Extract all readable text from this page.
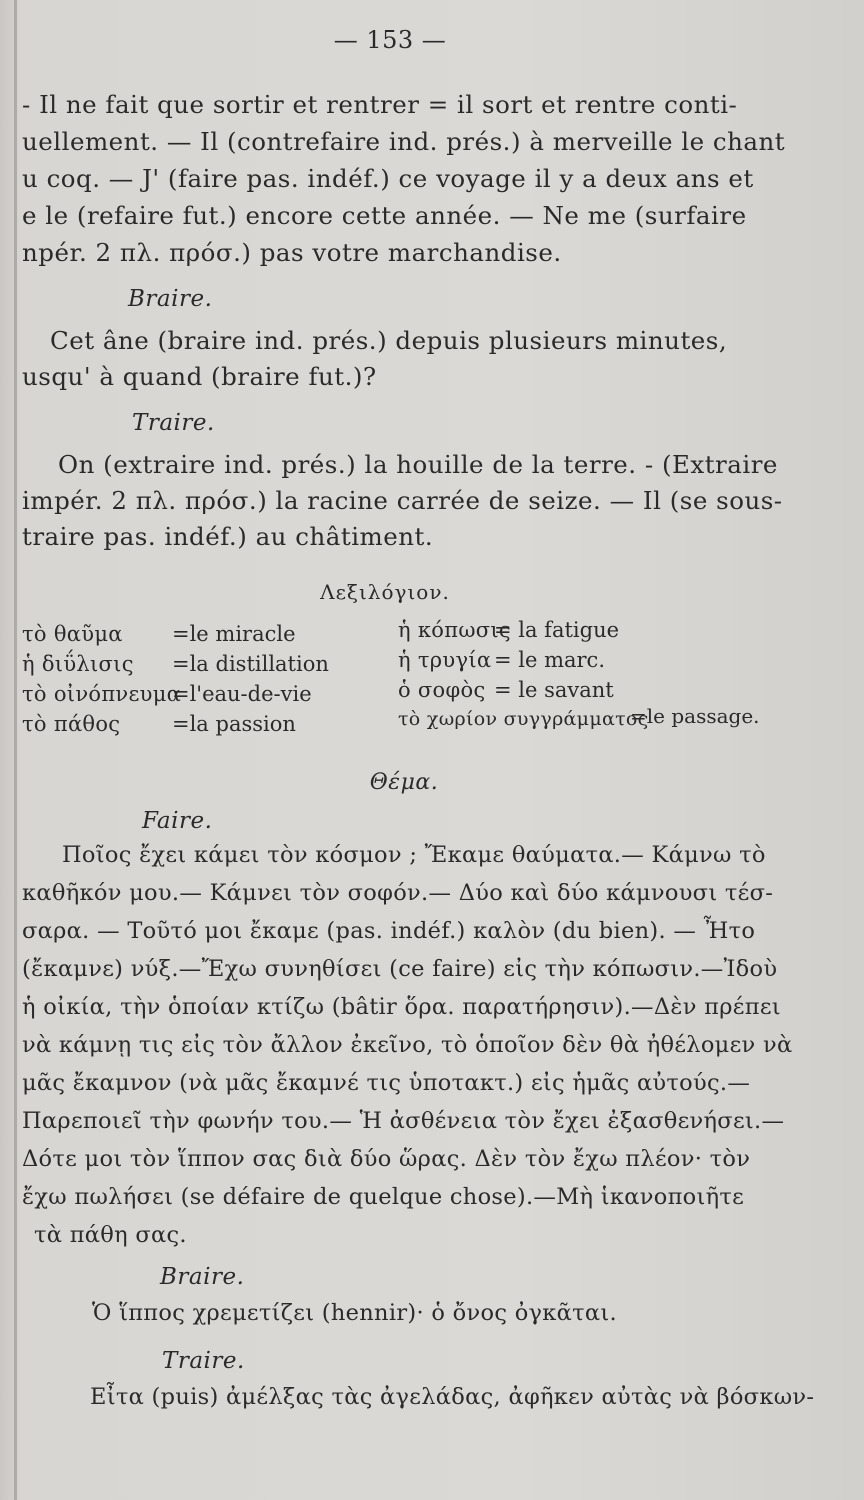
— 153 —
- Il ne fait que sortir et rentrer = il sort et rentre conti-
uellement. — Il (contrefaire ind. prés.) à merveille le chant
u coq. — J' (faire pas. indéf.) ce voyage il y a deux ans et
e le (refaire fut.) encore cette année. — Ne me (surfaire
npér. 2 πλ. πρόσ.) pas votre marchandise.
Braire.
Cet âne (braire ind. prés.) depuis plusieurs minutes,
usqu' à quand (braire fut.)?
Traire.
On (extraire ind. prés.) la houille de la terre. - (Extraire
impér. 2 πλ. πρόσ.) la racine carrée de seize. — Il (se sous-
traire pas. indéf.) au châtiment.
Λεξιλόγιον.
τὸ θαῦμα =le miracle
ἡ διΰλισις =la distillation
τὸ οἰνόπνευμα
=l'eau-de-vie
τὸ πάθος =la passion
ἡ κόπωσις
= la fatigue
ἡ τρυγία = le marc.
ὁ σοφὸς = le savant
τὸ χωρίον συγγράμματος
=le passage.
Θέμα.
Faire.
Ποῖος ἔχει κάμει τὸν κόσμον ; Ἔκαμε θαύματα.— Κάμνω τὸ
καθῆκόν μου.— Κάμνει τὸν σοφόν.— Δύο καὶ δύο κάμνουσι τέσ-
σαρα. — Τοῦτό μοι ἔκαμε (pas. indéf.) καλὸν (du bien). — Ἦτο
(ἔκαμνε) νύξ.—Ἔχω συνηθίσει (ce faire) εἰς τὴν κόπωσιν.—Ἰδοὺ
ἡ οἰκία, τὴν ὁποίαν κτίζω (bâtir ὅρα. παρατήρησιν).—Δὲν πρέπει
νὰ κάμνῃ τις εἰς τὸν ἄλλον ἐκεῖνο, τὸ ὁποῖον δὲν θὰ ἠθέλομεν νὰ
μᾶς ἔκαμνον (νὰ μᾶς ἔκαμνέ τις ὑποτακτ.) εἰς ἡμᾶς αὐτούς.—
Παρεποιεῖ τὴν φωνήν του.— Ἡ ἀσθένεια τὸν ἔχει ἐξασθενήσει.—
Δότε μοι τὸν ἵππον σας διὰ δύο ὥρας. Δὲν τὸν ἔχω πλέον· τὸν
ἔχω πωλήσει (se défaire de quelque chose).—Μὴ ἱκανοποιῆτε
τὰ πάθη σας.
Braire.
Ὁ ἵππος χρεμετίζει (hennir)· ὁ ὄνος ὀγκᾶται.
Traire.
Εἶτα (puis) ἀμέλξας τὰς ἀγελάδας, ἀφῆκεν αὐτὰς νὰ βόσκων-
